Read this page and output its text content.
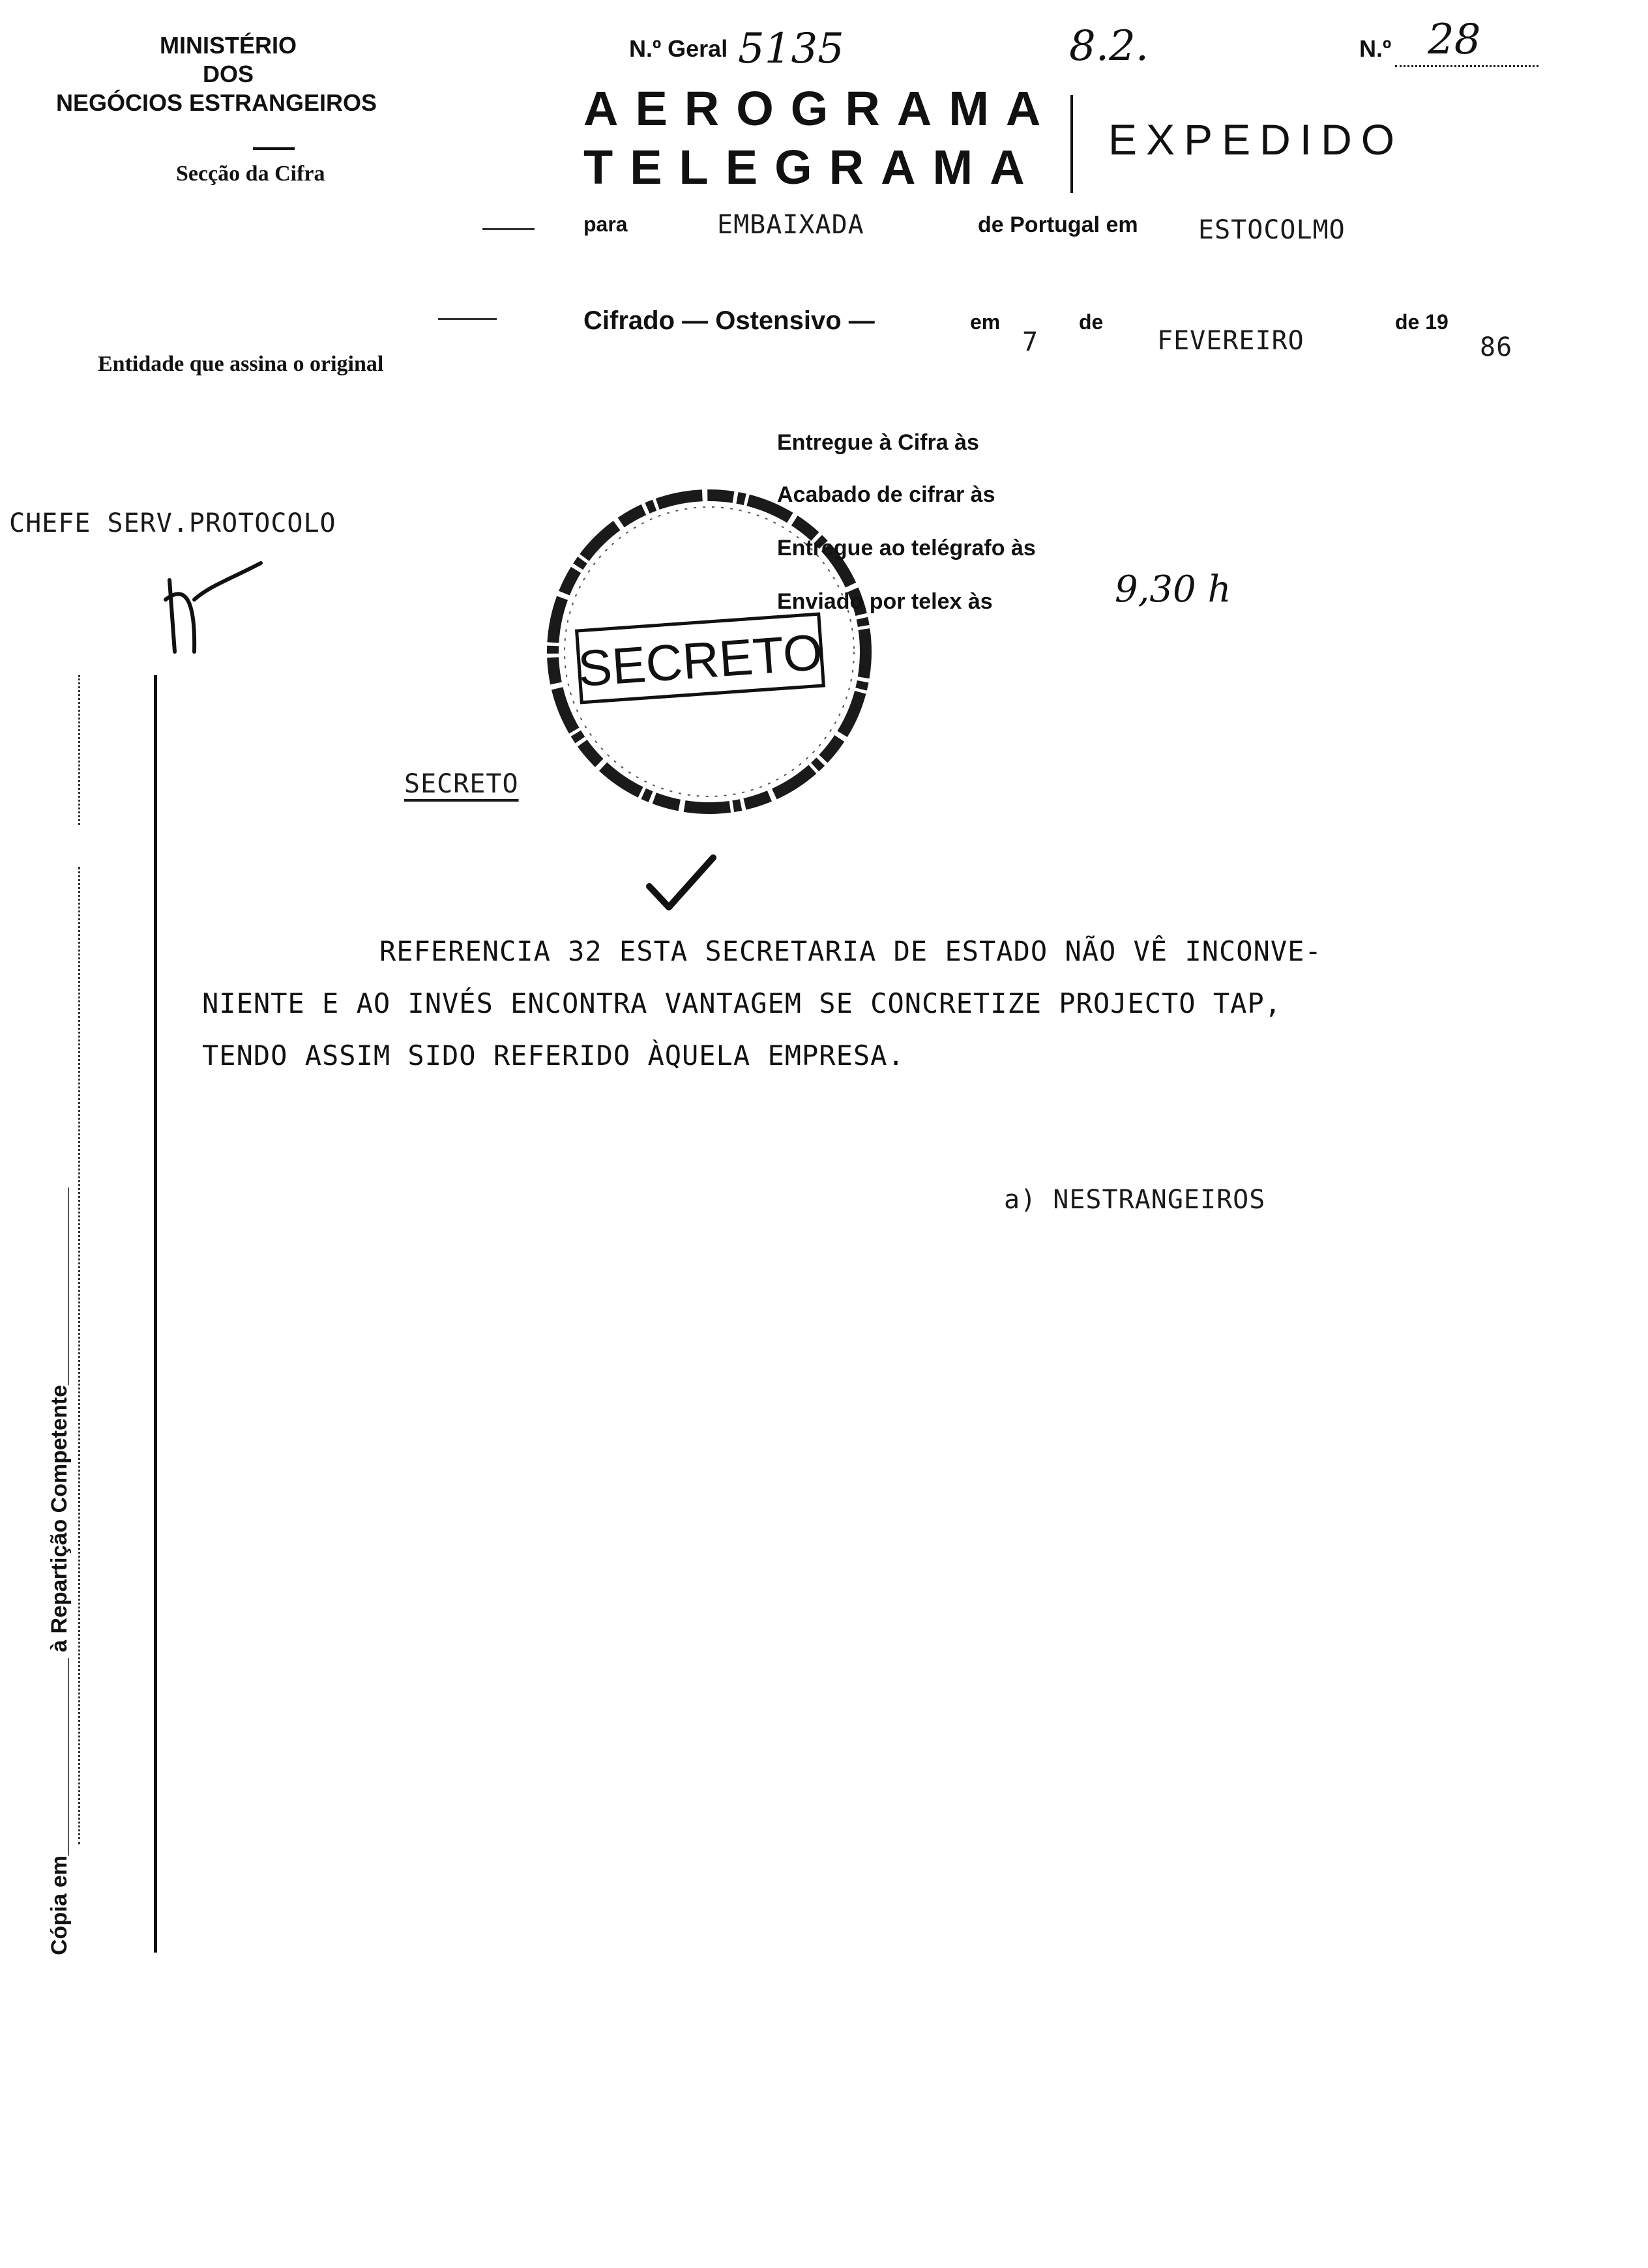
MINISTÉRIO
DOS
NEGÓCIOS ESTRANGEIROS
Secção da Cifra
N.º Geral 5135	8.2.	N.º 28
AEROGRAMA
TELEGRAMA
EXPEDIDO
para	EMBAIXADA	de Portugal em ESTOCOLMO
Cifrado — Ostensivo —	em
7
de
FEVEREIRO
de 19
86
Entidade que assina o original
SECRETO
Entregue à Cifra às
Acabado de cifrar às
Entregue ao telégrafo às
Enviado por telex às	9,30 h
CHEFE SERV.PROTOCOLO
Cópia em________________ à Repartição Competente________________
SECRETO
REFERENCIA 32 ESTA SECRETARIA DE ESTADO NÃO VÊ INCONVE-
NIENTE E AO INVÉS ENCONTRA VANTAGEM SE CONCRETIZE PROJECTO TAP,
TENDO ASSIM SIDO REFERIDO ÀQUELA EMPRESA.
a) NESTRANGEIROS
